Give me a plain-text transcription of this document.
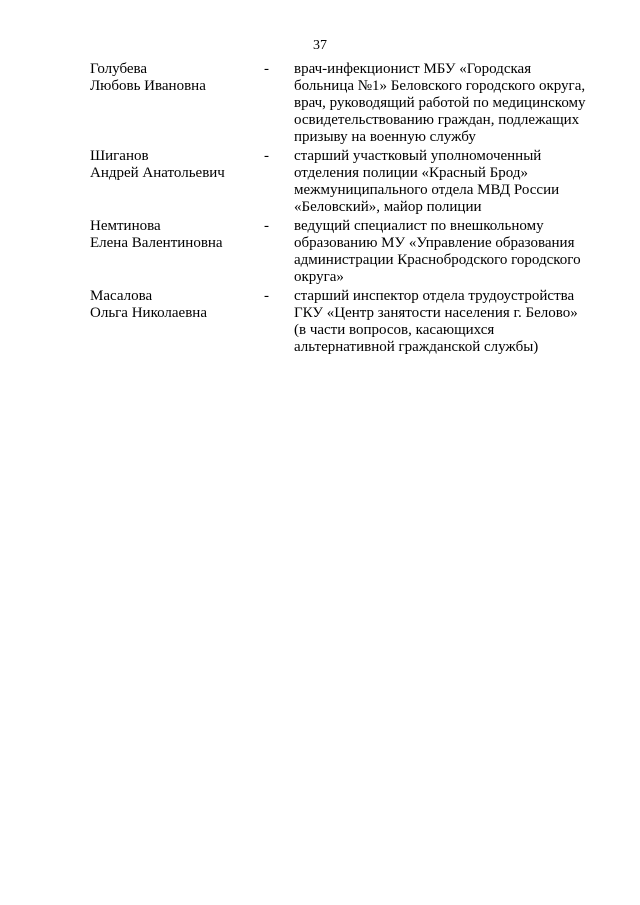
37
Голубева
Любовь Ивановна
-	врач-инфекционист МБУ «Городская
больница №1» Беловского городского округа,
врач, руководящий работой по медицинскому
освидетельствованию граждан, подлежащих
призыву на военную службу
Шиганов
Андрей Анатольевич
-	старший участковый уполномоченный
отделения полиции «Красный Брод»
межмуниципального отдела МВД России
«Беловский», майор полиции
Немтинова
Елена Валентиновна
-	ведущий специалист по внешкольному
образованию МУ «Управление образования
администрации Краснобродского городского
округа»
Масалова
Ольга Николаевна
-	старший инспектор отдела трудоустройства
ГКУ «Центр занятости населения г. Белово»
(в части вопросов, касающихся
альтернативной гражданской службы)
